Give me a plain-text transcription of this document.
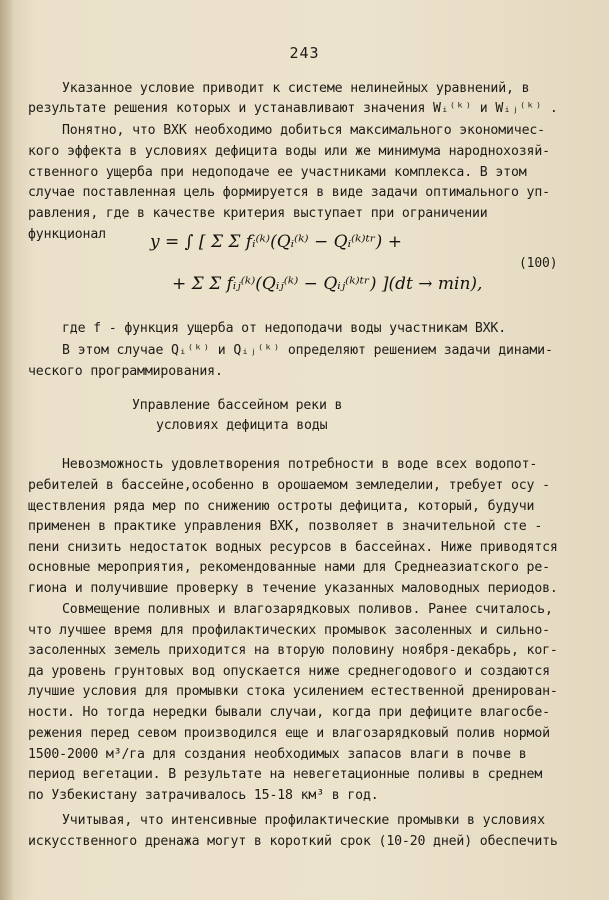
243
Указанное условие приводит к системе нелинейных уравнений, в
результате решения которых и устанавливают значения Wᵢ⁽ᵏ⁾ и Wᵢⱼ⁽ᵏ⁾ .
Понятно, что ВХК необходимо добиться максимального экономичес-
кого эффекта в условиях дефицита воды или же минимума народнохозяй-
ственного ущерба при недоподаче ее участниками комплекса. В этом
случае поставленная цель формируется в виде задачи оптимального уп-
равления, где в качестве критерия выступает при ограничении
функционал	y = ∫ [ Σ Σ fᵢ⁽ᵏ⁾(Qᵢ⁽ᵏ⁾ − Qᵢ⁽ᵏ⁾ᵗʳ) +
+ Σ Σ fᵢⱼ⁽ᵏ⁾(Qᵢⱼ⁽ᵏ⁾ − Qᵢⱼ⁽ᵏ⁾ᵗʳ) ](dt → min),
(100)
где f - функция ущерба от недоподачи воды участникам ВХК.
В этом случае Qᵢ⁽ᵏ⁾ и Qᵢⱼ⁽ᵏ⁾ определяют решением задачи динами-
ческого программирования.
Управление бассейном реки в
условиях дефицита воды
Невозможность удовлетворения потребности в воде всех водопот-
ребителей в бассейне,особенно в орошаемом земледелии, требует осу -
ществления ряда мер по снижению остроты дефицита, который, будучи
применен в практике управления ВХК, позволяет в значительной сте -
пени снизить недостаток водных ресурсов в бассейнах. Ниже приводятся
основные мероприятия, рекомендованные нами для Среднеазиатского ре-
гиона и получившие проверку в течение указанных маловодных периодов.
Совмещение поливных и влагозарядковых поливов. Ранее считалось,
что лучшее время для профилактических промывок засоленных и сильно-
засоленных земель приходится на вторую половину ноября-декабрь, ког-
да уровень грунтовых вод опускается ниже среднегодового и создаются
лучшие условия для промывки стока усилением естественной дренирован-
ности. Но тогда нередки бывали случаи, когда при дефиците влагосбе-
режения перед севом производился еще и влагозарядковый полив нормой
1500-2000 м³/га для создания необходимых запасов влаги в почве в
период вегетации. В результате на невегетационные поливы в среднем
по Узбекистану затрачивалось 15-18 км³ в год.
Учитывая, что интенсивные профилактические промывки в условиях
искусственного дренажа могут в короткий срок (10-20 дней) обеспечить
